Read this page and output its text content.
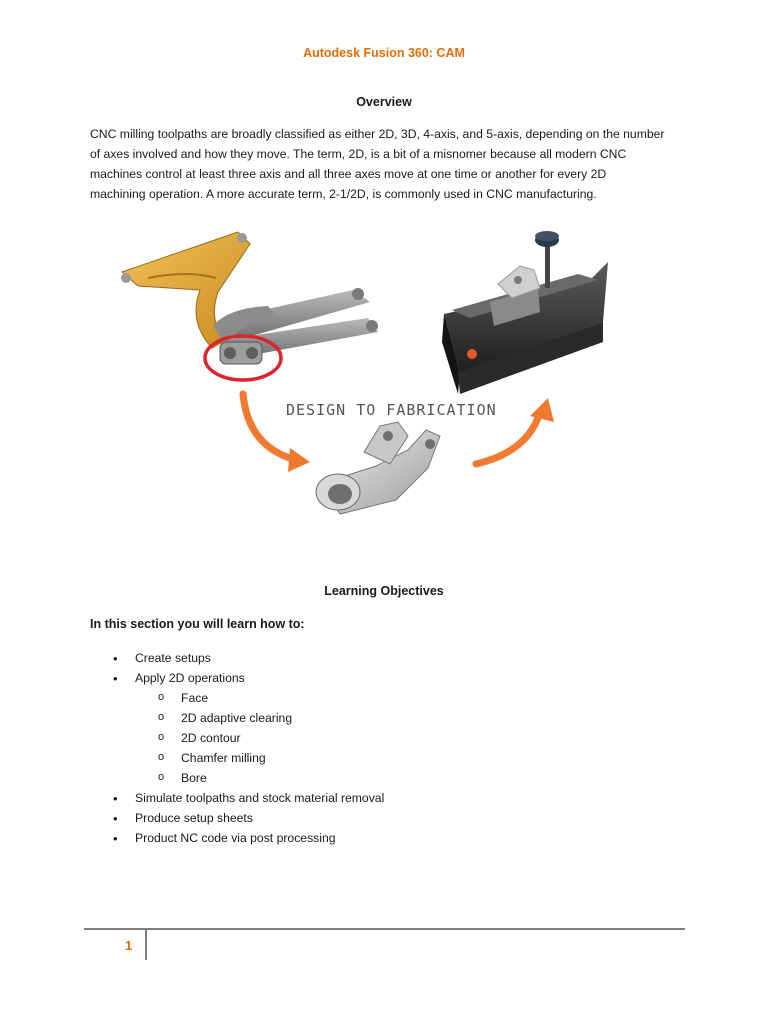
Autodesk Fusion 360: CAM
Overview
CNC milling toolpaths are broadly classified as either 2D, 3D, 4-axis, and 5-axis, depending on the number
of axes involved and how they move. The term, 2D, is a bit of a misnomer because all modern CNC
machines control at least three axis and all three axes move at one time or another for every 2D
machining operation. A more accurate term, 2-1/2D, is commonly used in CNC manufacturing.
DESIGN TO FABRICATION
Learning Objectives
In this section you will learn how to:
• Create setups
• Apply 2D operations
o Face
o 2D adaptive clearing
o 2D contour
o Chamfer milling
o Bore
• Simulate toolpaths and stock material removal
• Produce setup sheets
• Product NC code via post processing
1
